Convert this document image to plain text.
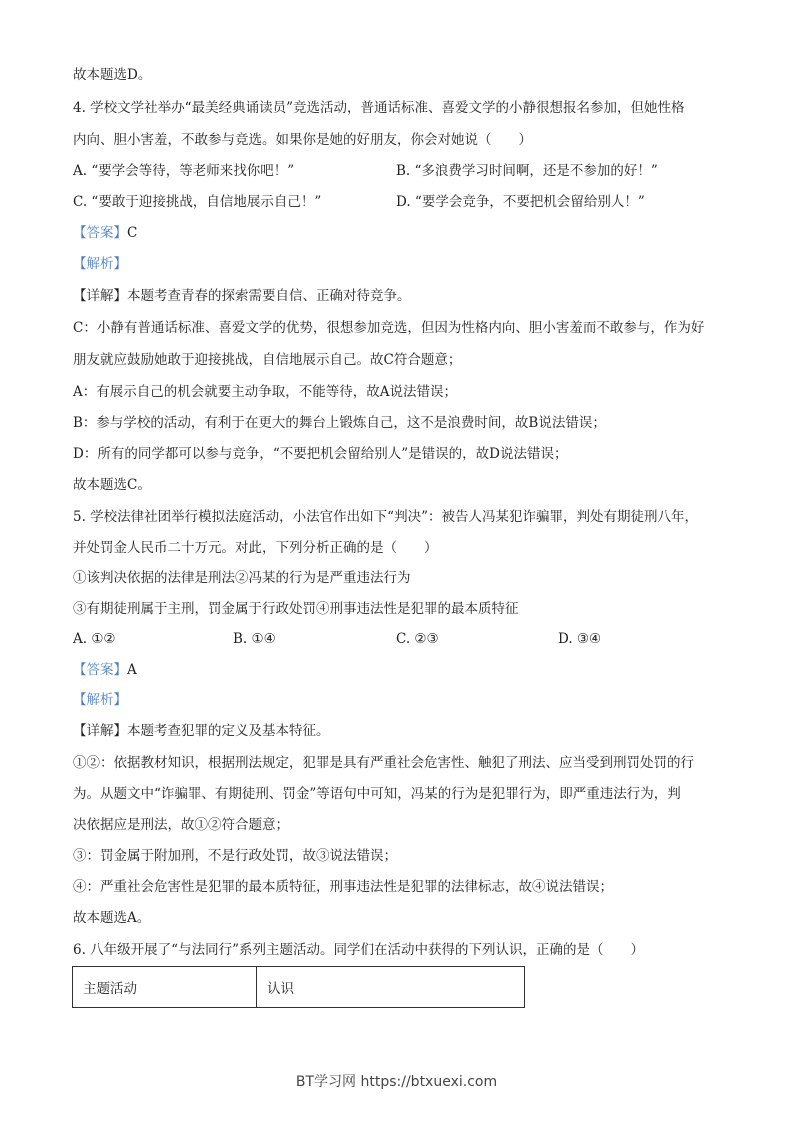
故本题选D。
4. 学校文学社举办“最美经典诵读员”竞选活动，普通话标准、喜爱文学的小静很想报名参加，但她性格
内向、胆小害羞，不敢参与竞选。如果你是她的好朋友，你会对她说（　　）
A. “要学会等待，等老师来找你吧！”	B. “多浪费学习时间啊，还是不参加的好！”
C. “要敢于迎接挑战，自信地展示自己！”	D. “要学会竞争，不要把机会留给别人！”
【答案】C
【解析】
【详解】本题考查青春的探索需要自信、正确对待竞争。
C：小静有普通话标准、喜爱文学的优势，很想参加竞选，但因为性格内向、胆小害羞而不敢参与，作为好
朋友就应鼓励她敢于迎接挑战，自信地展示自己。故C符合题意；
A：有展示自己的机会就要主动争取，不能等待，故A说法错误；
B：参与学校的活动，有利于在更大的舞台上锻炼自己，这不是浪费时间，故B说法错误；
D：所有的同学都可以参与竞争，“不要把机会留给别人”是错误的，故D说法错误；
故本题选C。
5. 学校法律社团举行模拟法庭活动，小法官作出如下“判决”：被告人冯某犯诈骗罪，判处有期徒刑八年，
并处罚金人民币二十万元。对此，下列分析正确的是（　　）
①该判决依据的法律是刑法②冯某的行为是严重违法行为
③有期徒刑属于主刑，罚金属于行政处罚④刑事违法性是犯罪的最本质特征
A. ①②	B. ①④	C. ②③	D. ③④
【答案】A
【解析】
【详解】本题考查犯罪的定义及基本特征。
①②：依据教材知识，根据刑法规定，犯罪是具有严重社会危害性、触犯了刑法、应当受到刑罚处罚的行
为。从题文中“诈骗罪、有期徒刑、罚金”等语句中可知，冯某的行为是犯罪行为，即严重违法行为，判
决依据应是刑法，故①②符合题意；
③：罚金属于附加刑，不是行政处罚，故③说法错误；
④：严重社会危害性是犯罪的最本质特征，刑事违法性是犯罪的法律标志，故④说法错误；
故本题选A。
6. 八年级开展了“与法同行”系列主题活动。同学们在活动中获得的下列认识，正确的是（　　）
主题活动	认识
BT学习网 https://btxuexi.com
